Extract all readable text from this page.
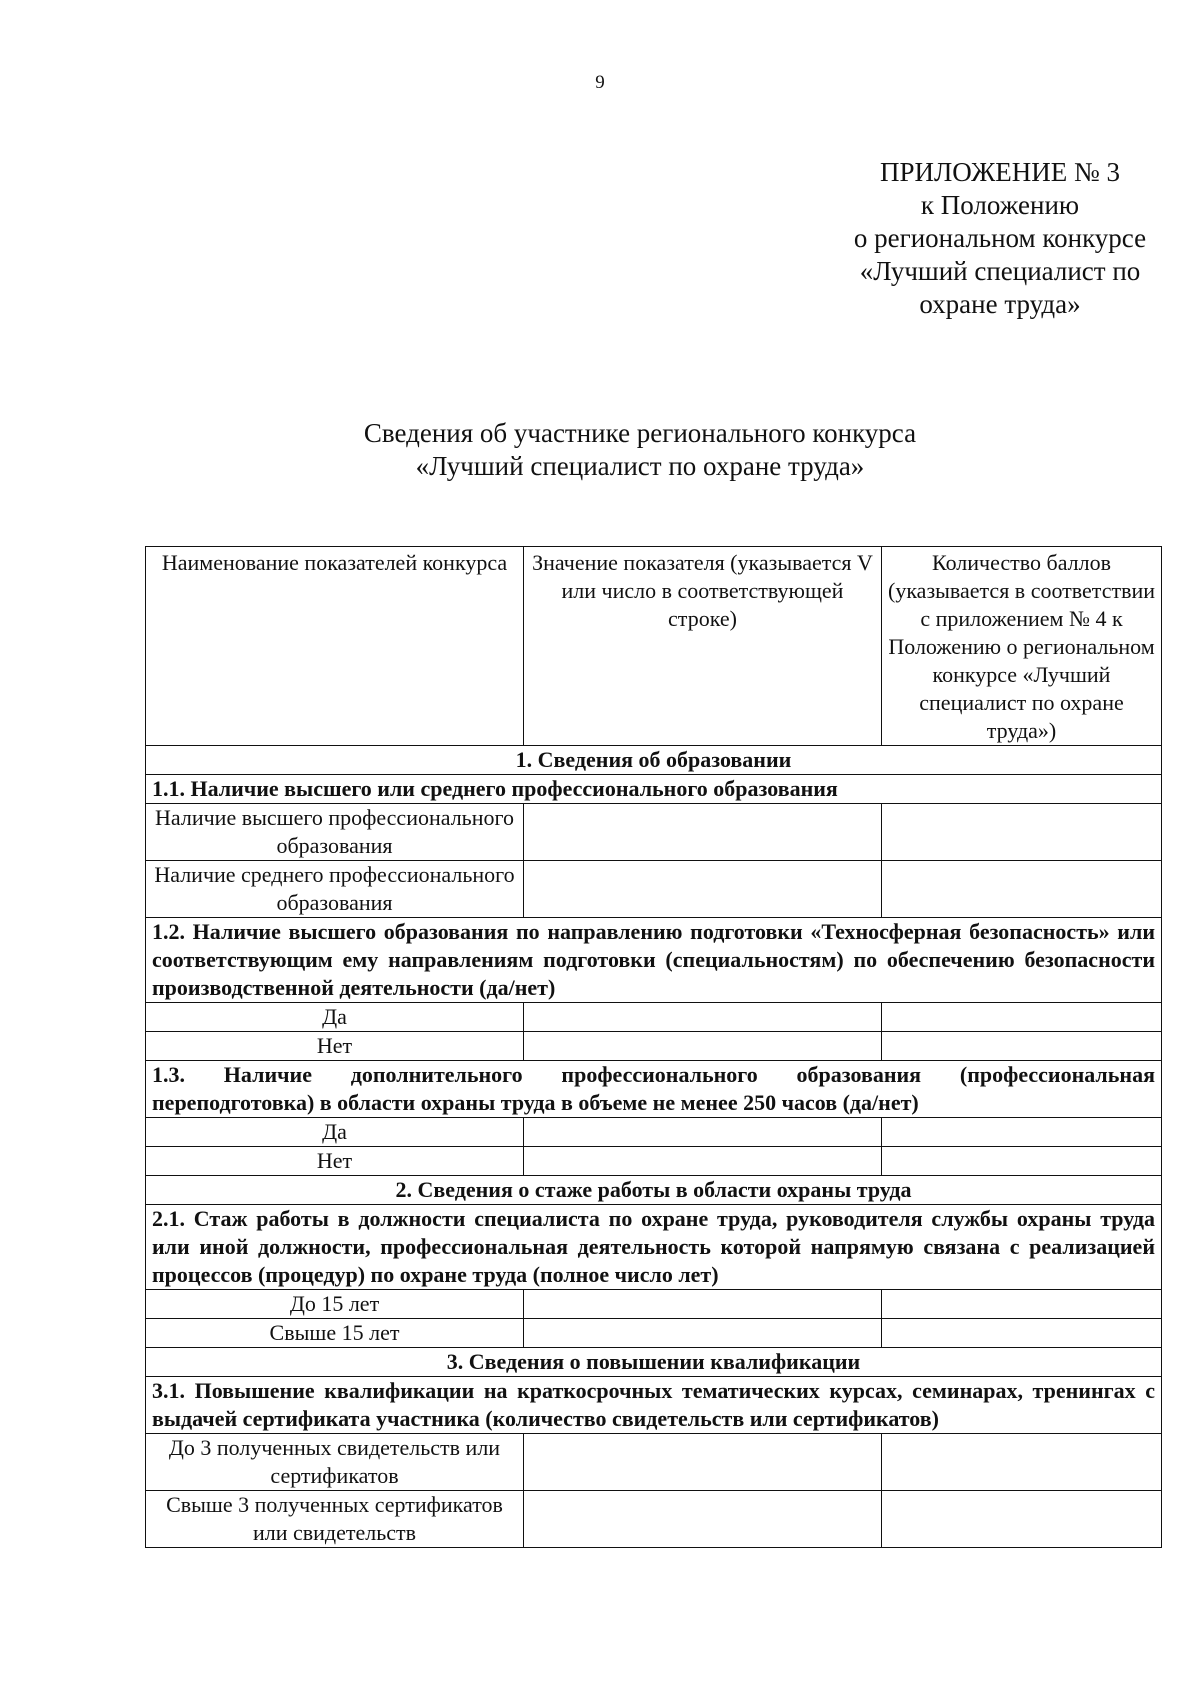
9
ПРИЛОЖЕНИЕ № 3
к Положению
о региональном конкурсе
«Лучший специалист по
охране труда»
Сведения об участнике регионального конкурса
«Лучший специалист по охране труда»
Наименование показателей конкурса	Значение показателя (указывается V или число в соответствующей строке)	Количество баллов (указывается в соответствии с приложением № 4 к Положению о региональном конкурсе «Лучший специалист по охране труда»)
1. Сведения об образовании		
1.1. Наличие высшего или среднего профессионального образования		
Наличие высшего профессионального образования		
Наличие среднего профессионального образования		
1.2. Наличие высшего образования по направлению подготовки «Техносферная безопасность» или соответствующим ему направлениям подготовки (специальностям) по обеспечению безопасности производственной деятельности (да/нет)		
Да		
Нет		
1.3. Наличие дополнительного профессионального образования (профессиональная переподготовка) в области охраны труда в объеме не менее 250 часов (да/нет)		
Да		
Нет		
2. Сведения о стаже работы в области охраны труда		
2.1. Стаж работы в должности специалиста по охране труда, руководителя службы охраны труда или иной должности, профессиональная деятельность которой напрямую связана с реализацией процессов (процедур) по охране труда (полное число лет)		
До 15 лет		
Свыше 15 лет		
3. Сведения о повышении квалификации		
3.1. Повышение квалификации на краткосрочных тематических курсах, семинарах, тренингах с выдачей сертификата участника (количество свидетельств или сертификатов)		
До 3 полученных свидетельств или сертификатов		
Свыше 3 полученных сертификатов или свидетельств		
